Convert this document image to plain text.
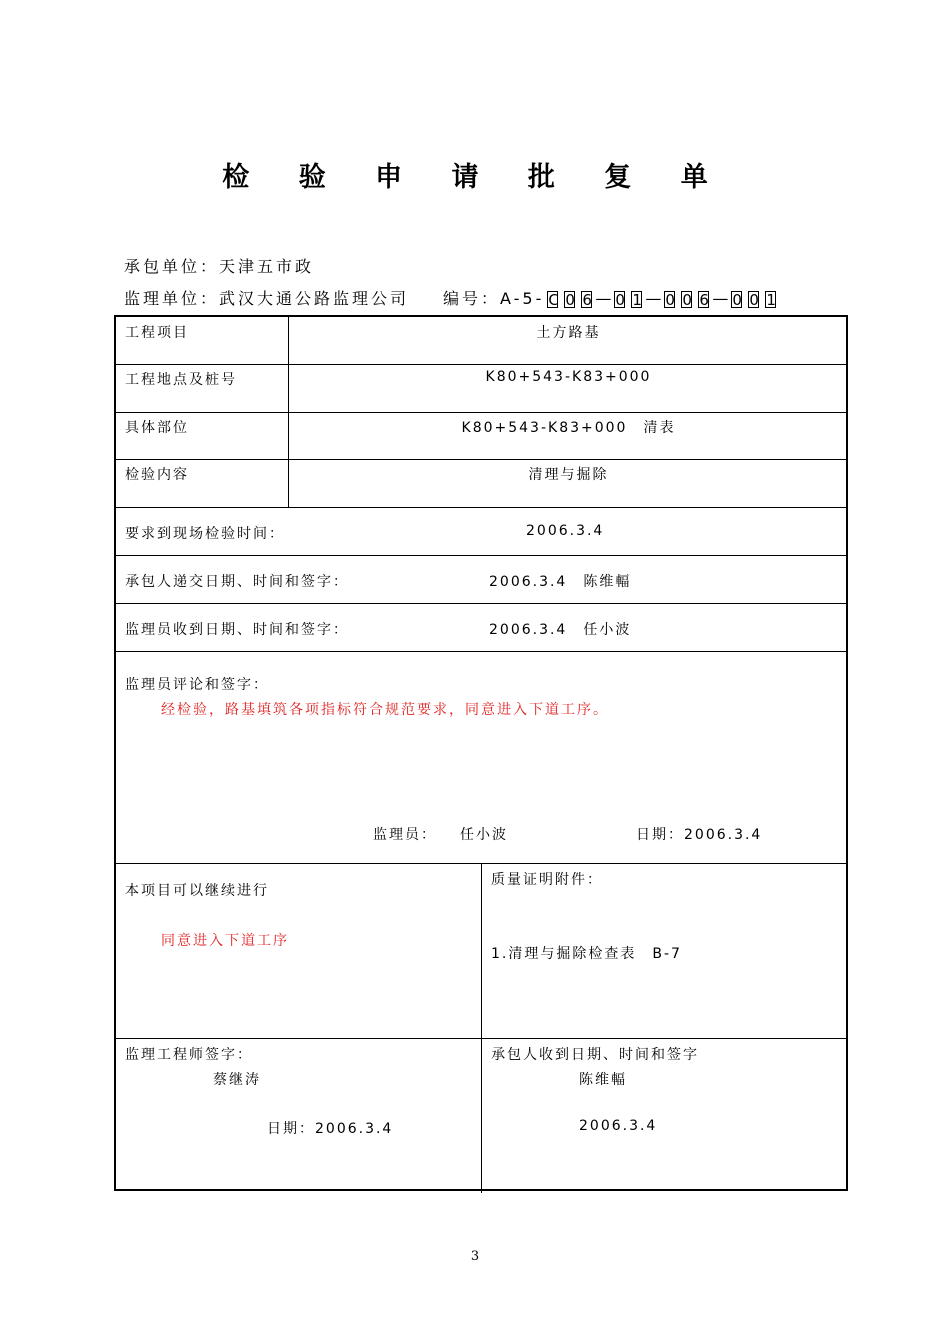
检 验 申 请 批 复 单
承包单位：天津五市政
监理单位：武汉大通公路监理公司 编号：A-5- C 0 6 — 0 1 — 0 0 6 — 0 0 1
工程项目	土方路基
工程地点及桩号	K80+543-K83+000
具体部位	K80+543-K83+000　清表
检验内容	清理与掘除
要求到现场检验时间：	2006.3.4
承包人递交日期、时间和签字：	2006.3.4　陈维輻
监理员收到日期、时间和签字：	2006.3.4　任小波
监理员评论和签字：
经检验，路基填筑各项指标符合规范要求，同意进入下道工序。
监理员： 任小波	日期：2006.3.4
本项目可以继续进行
同意进入下道工序
质量证明附件：
1.清理与掘除检查表　B-7
监理工程师签字：
蔡继涛
日期：2006.3.4
承包人收到日期、时间和签字
陈维輻
2006.3.4
3
